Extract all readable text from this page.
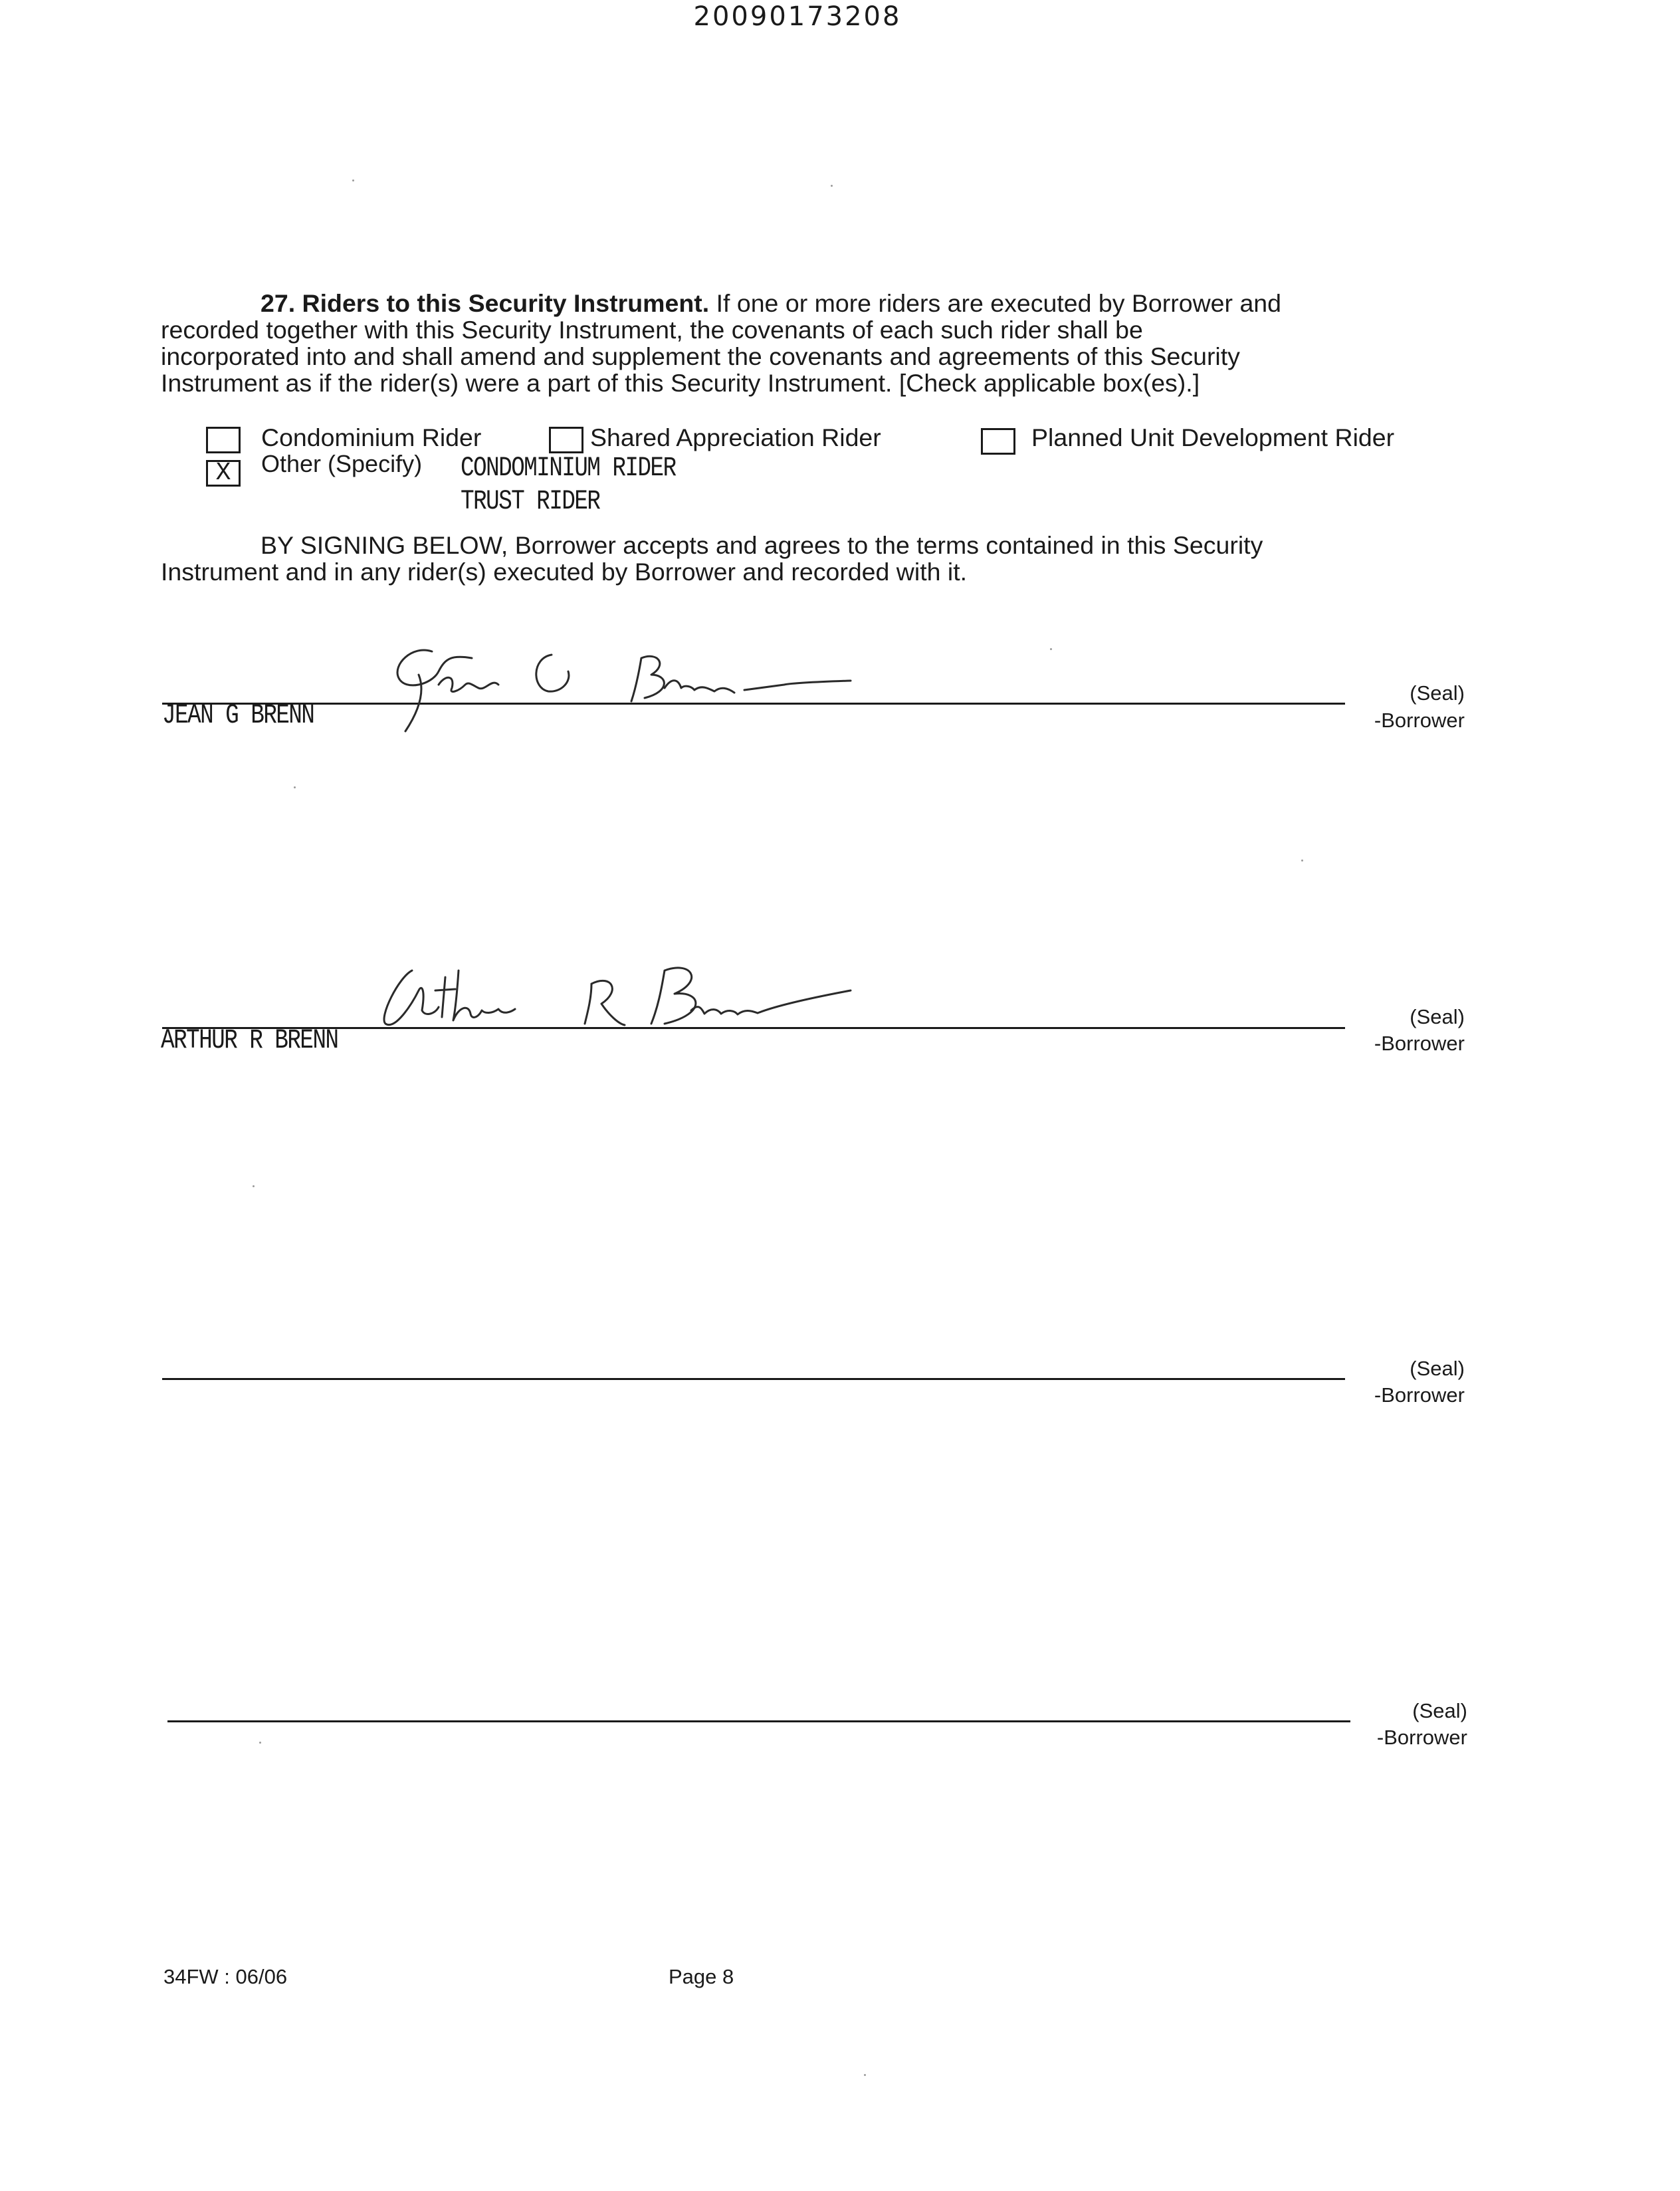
20090173208
27. Riders to this Security Instrument. If one or more riders are executed by Borrower and
recorded together with this Security Instrument, the covenants of each such rider shall be
incorporated into and shall amend and supplement the covenants and agreements of this Security
Instrument as if the rider(s) were a part of this Security Instrument. [Check applicable box(es).]
Condominium Rider	Shared Appreciation Rider	Planned Unit Development Rider
X	Other (Specify) CONDOMINIUM RIDER
TRUST RIDER
BY SIGNING BELOW, Borrower accepts and agrees to the terms contained in this Security
Instrument and in any rider(s) executed by Borrower and recorded with it.
JEAN G BRENN
(Seal)
-Borrower
ARTHUR R BRENN
(Seal)
-Borrower
(Seal)
-Borrower
(Seal)
-Borrower
34FW : 06/06	Page 8
